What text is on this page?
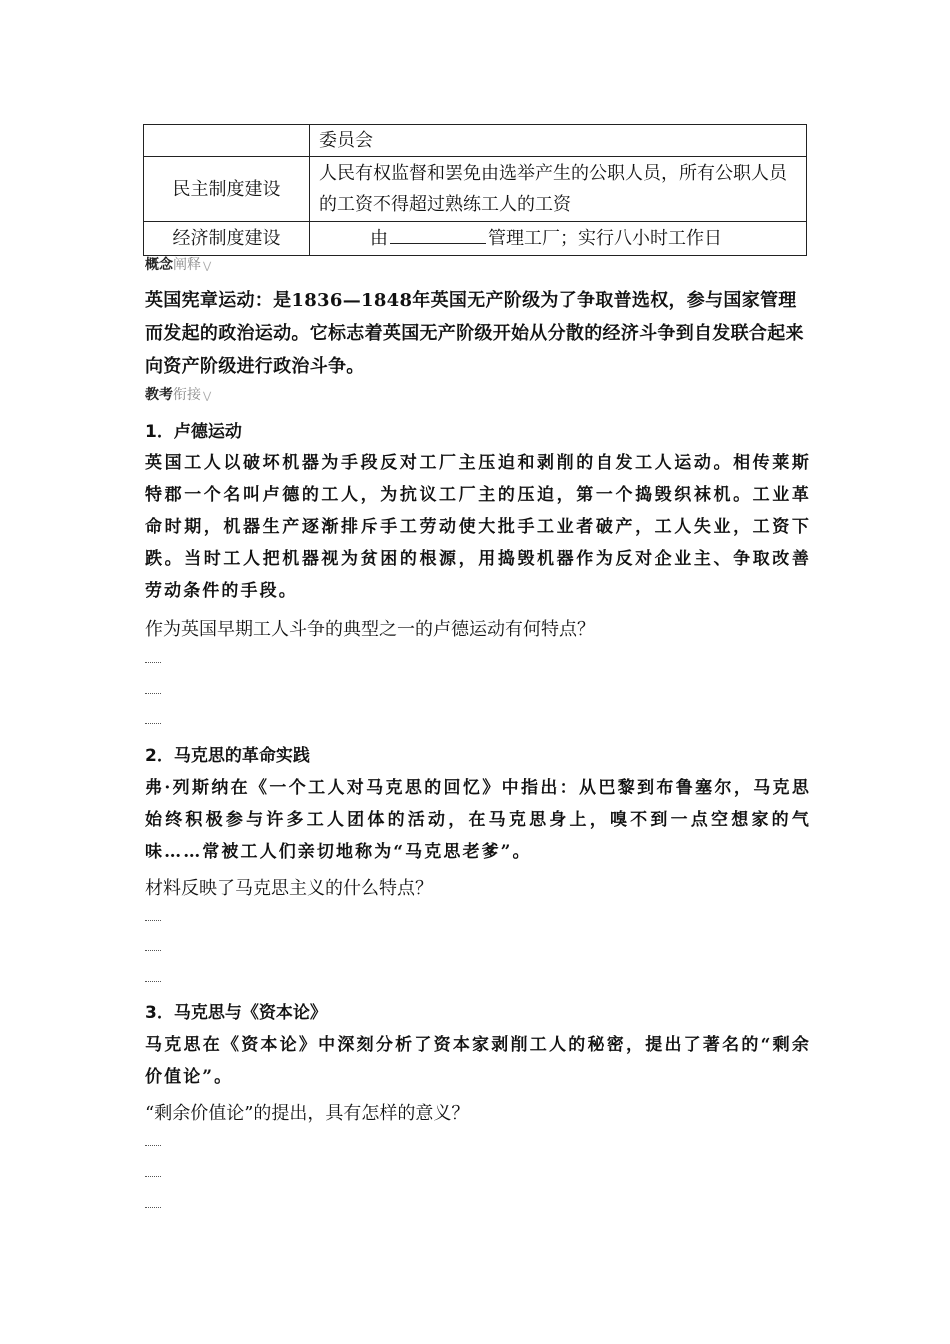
	委员会
民主制度建设	人民有权监督和罢免由选举产生的公职人员，所有公职人员的工资不得超过熟练工人的工资
经济制度建设	由 管理工厂；实行八小时工作日
概念阐释 ⋁
英国宪章运动：是1836—1848年英国无产阶级为了争取普选权，参与国家管理而发起的政治运动。它标志着英国无产阶级开始从分散的经济斗争到自发联合起来向资产阶级进行政治斗争。
教考衔接 ⋁
1．卢德运动
英国工人以破坏机器为手段反对工厂主压迫和剥削的自发工人运动。相传莱斯特郡一个名叫卢德的工人，为抗议工厂主的压迫，第一个捣毁织袜机。工业革命时期，机器生产逐渐排斥手工劳动使大批手工业者破产，工人失业，工资下跌。当时工人把机器视为贫困的根源，用捣毁机器作为反对企业主、争取改善劳动条件的手段。
作为英国早期工人斗争的典型之一的卢德运动有何特点？
2．马克思的革命实践
弗·列斯纳在《一个工人对马克思的回忆》中指出：从巴黎到布鲁塞尔，马克思始终积极参与许多工人团体的活动，在马克思身上，嗅不到一点空想家的气味……常被工人们亲切地称为“马克思老爹”。
材料反映了马克思主义的什么特点？
3．马克思与《资本论》
马克思在《资本论》中深刻分析了资本家剥削工人的秘密，提出了著名的“剩余价值论”。
“剩余价值论”的提出，具有怎样的意义？
